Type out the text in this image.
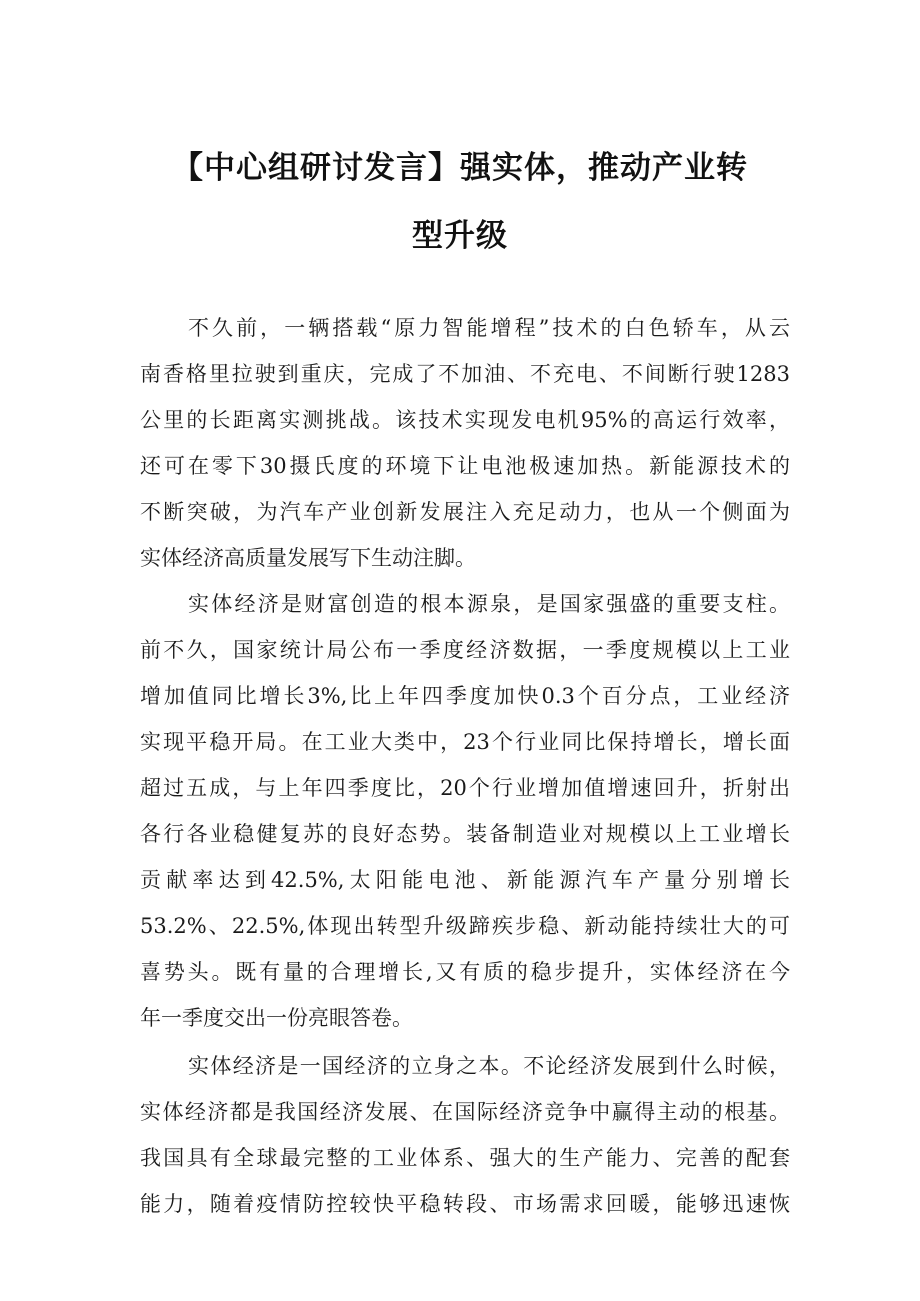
【中心组研讨发言】强实体，推动产业转
型升级
不久前，一辆搭载“原力智能增程”技术的白色轿车，从云
南香格里拉驶到重庆，完成了不加油、不充电、不间断行驶1283
公里的长距离实测挑战。该技术实现发电机95%的高运行效率，
还可在零下30摄氏度的环境下让电池极速加热。新能源技术的
不断突破，为汽车产业创新发展注入充足动力，也从一个侧面为
实体经济高质量发展写下生动注脚。
实体经济是财富创造的根本源泉，是国家强盛的重要支柱。
前不久，国家统计局公布一季度经济数据，一季度规模以上工业
增加值同比增长3%,比上年四季度加快0.3个百分点，工业经济
实现平稳开局。在工业大类中，23个行业同比保持增长，增长面
超过五成，与上年四季度比，20个行业增加值增速回升，折射出
各行各业稳健复苏的良好态势。装备制造业对规模以上工业增长
贡献率达到42.5%,太阳能电池、新能源汽车产量分别增长
53.2%、22.5%,体现出转型升级蹄疾步稳、新动能持续壮大的可
喜势头。既有量的合理增长,又有质的稳步提升，实体经济在今
年一季度交出一份亮眼答卷。
实体经济是一国经济的立身之本。不论经济发展到什么时候，
实体经济都是我国经济发展、在国际经济竞争中赢得主动的根基。
我国具有全球最完整的工业体系、强大的生产能力、完善的配套
能力，随着疫情防控较快平稳转段、市场需求回暖，能够迅速恢
